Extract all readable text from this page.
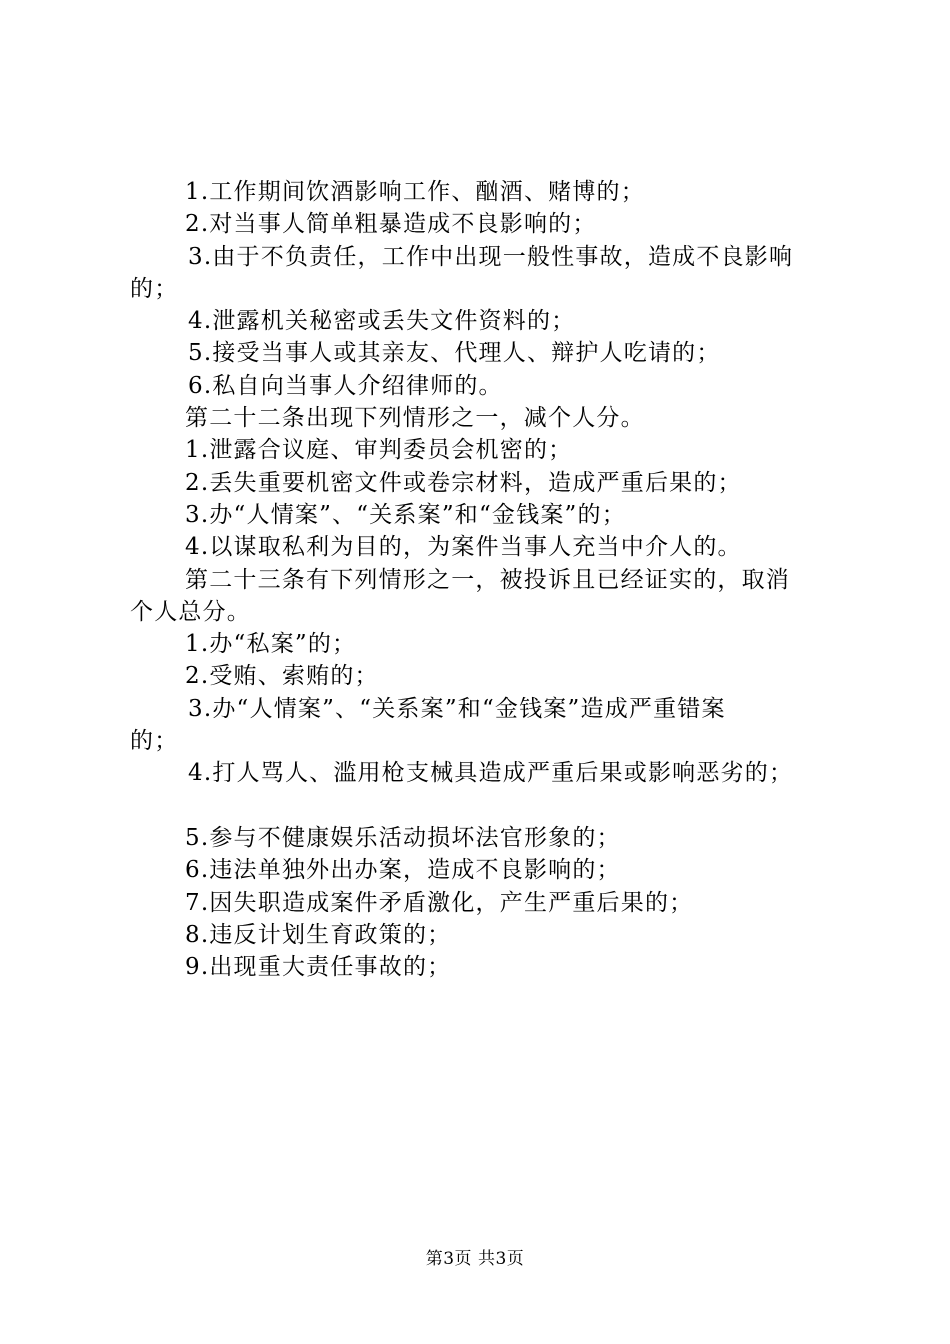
1.工作期间饮酒影响工作、酗酒、赌博的；

2.对当事人简单粗暴造成不良影响的；

3.由于不负责任，工作中出现一般性事故，造成不良影响

的；

4.泄露机关秘密或丢失文件资料的；

5.接受当事人或其亲友、代理人、辩护人吃请的；

6.私自向当事人介绍律师的。

第二十二条出现下列情形之一，减个人分。

1.泄露合议庭、审判委员会机密的；

2.丢失重要机密文件或卷宗材料，造成严重后果的；

3.办“人情案”、“关系案”和“金钱案”的；

4.以谋取私利为目的，为案件当事人充当中介人的。

第二十三条有下列情形之一，被投诉且已经证实的，取消

个人总分。

1.办“私案”的；

2.受贿、索贿的；

3.办“人情案”、“关系案”和“金钱案”造成严重错案

的；

4.打人骂人、滥用枪支械具造成严重后果或影响恶劣的；

5.参与不健康娱乐活动损坏法官形象的；

6.违法单独外出办案，造成不良影响的；

7.因失职造成案件矛盾激化，产生严重后果的；

8.违反计划生育政策的；

9.出现重大责任事故的；

第3页 共3页
